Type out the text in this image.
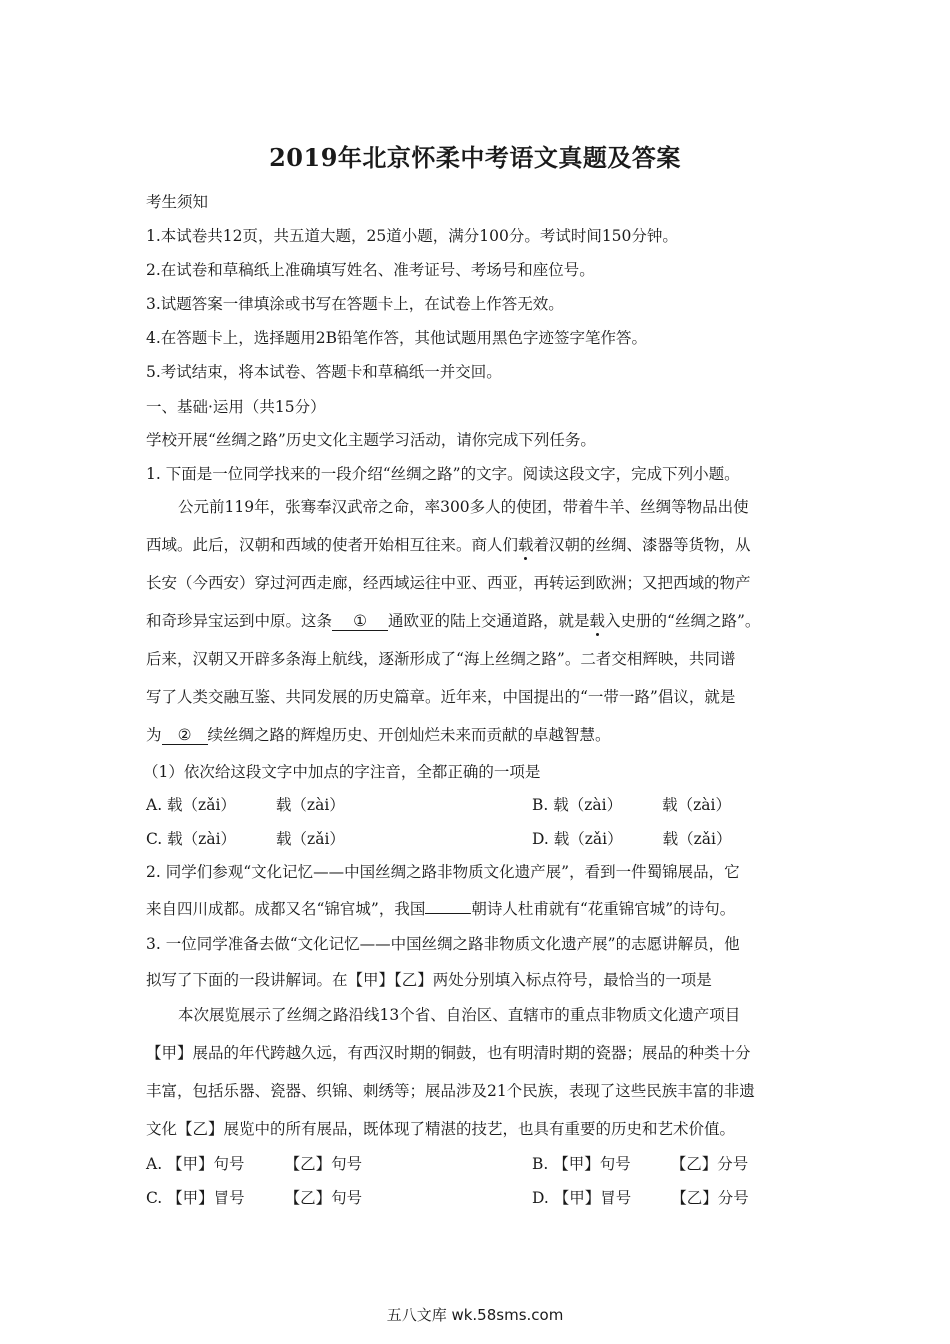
2019年北京怀柔中考语文真题及答案
考生须知
1.本试卷共12页，共五道大题，25道小题，满分100分。考试时间150分钟。
2.在试卷和草稿纸上准确填写姓名、准考证号、考场号和座位号。
3.试题答案一律填涂或书写在答题卡上，在试卷上作答无效。
4.在答题卡上，选择题用2B铅笔作答，其他试题用黑色字迹签字笔作答。
5.考试结束，将本试卷、答题卡和草稿纸一并交回。
一、基础·运用（共15分）
学校开展“丝绸之路”历史文化主题学习活动，请你完成下列任务。
1. 下面是一位同学找来的一段介绍“丝绸之路”的文字。阅读这段文字，完成下列小题。
公元前119年，张骞奉汉武帝之命，率300多人的使团，带着牛羊、丝绸等物品出使
西域。此后，汉朝和西域的使者开始相互往来。商人们载着汉朝的丝绸、漆器等货物，从
长安（今西安）穿过河西走廊，经西域运往中亚、西亚，再转运到欧洲；又把西域的物产
和奇珍异宝运到中原。这条 ① 通欧亚的陆上交通道路，就是载入史册的“丝绸之路”。
后来，汉朝又开辟多条海上航线，逐渐形成了“海上丝绸之路”。二者交相辉映，共同谱
写了人类交融互鉴、共同发展的历史篇章。近年来，中国提出的“一带一路”倡议，就是
为 ② 续丝绸之路的辉煌历史、开创灿烂未来而贡献的卓越智慧。
（1）依次给这段文字中加点的字注音，全都正确的一项是
A. 载（zǎi）	载（zài）	B. 载（zài）	载（zài）
C. 载（zài）	载（zǎi）	D. 载（zǎi）	载（zǎi）
2. 同学们参观“文化记忆——中国丝绸之路非物质文化遗产展”，看到一件蜀锦展品，它
来自四川成都。成都又名“锦官城”，我国	朝诗人杜甫就有“花重锦官城”的诗句。
3. 一位同学准备去做“文化记忆——中国丝绸之路非物质文化遗产展”的志愿讲解员，他
拟写了下面的一段讲解词。在【甲】【乙】两处分别填入标点符号，最恰当的一项是
本次展览展示了丝绸之路沿线13个省、自治区、直辖市的重点非物质文化遗产项目
【甲】展品的年代跨越久远，有西汉时期的铜鼓，也有明清时期的瓷器；展品的种类十分
丰富，包括乐器、瓷器、织锦、刺绣等；展品涉及21个民族，表现了这些民族丰富的非遗
文化【乙】展览中的所有展品，既体现了精湛的技艺，也具有重要的历史和艺术价值。
A. 【甲】句号	【乙】句号	B. 【甲】句号	【乙】分号
C. 【甲】冒号	【乙】句号	D. 【甲】冒号	【乙】分号
五八文库 wk.58sms.com
